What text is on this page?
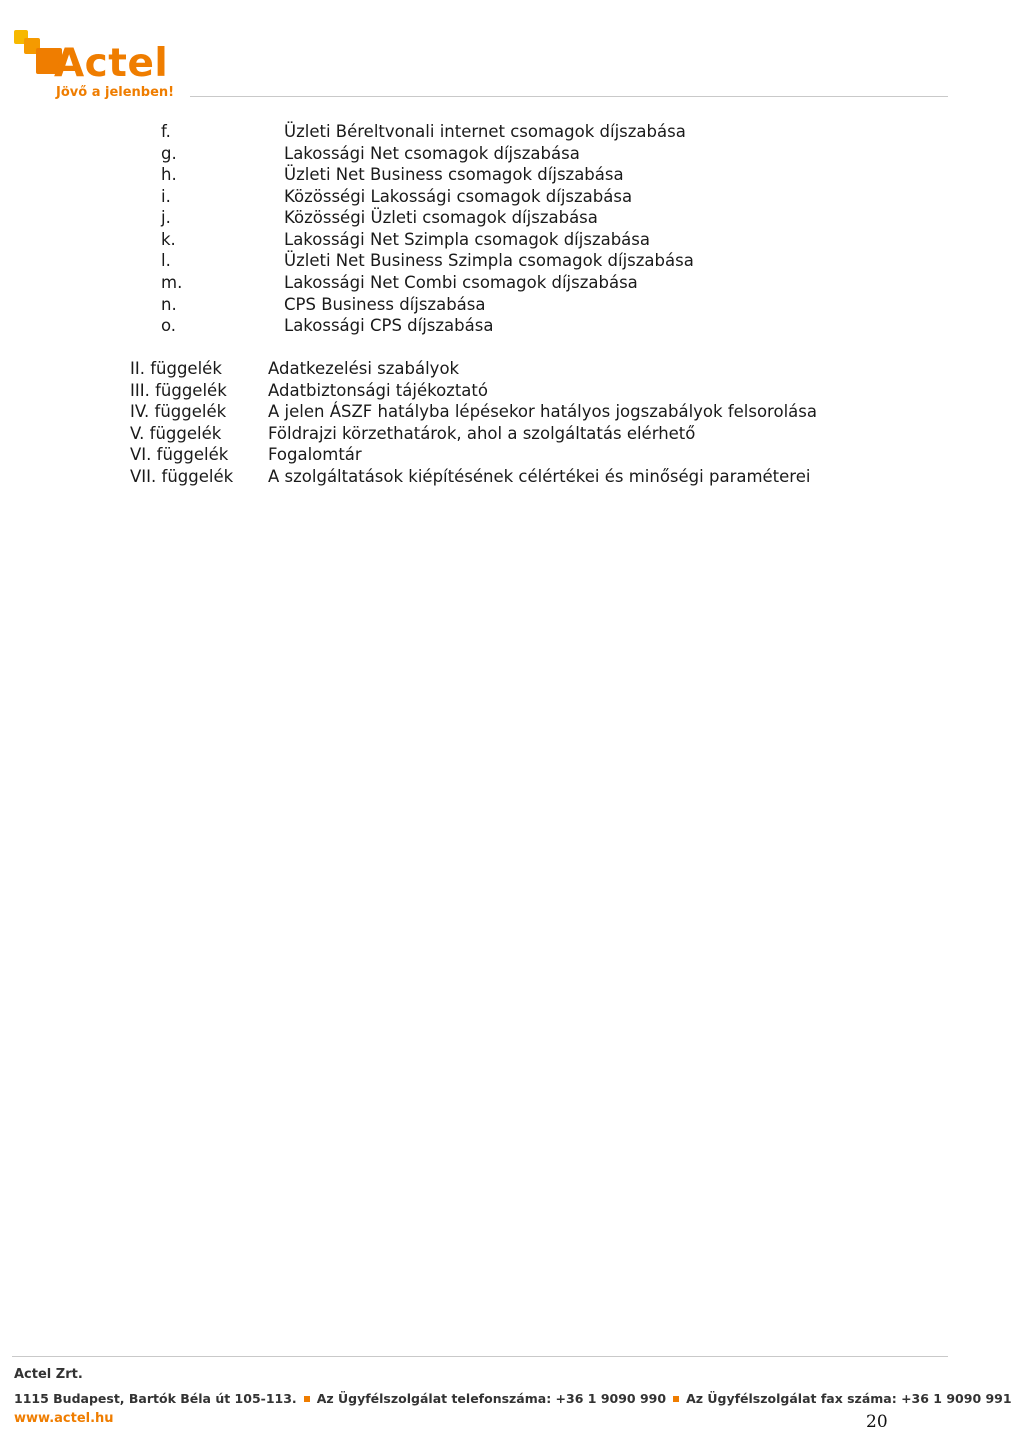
Actel
Jövő a jelenben!
f.	Üzleti Béreltvonali internet csomagok díjszabása
g.	Lakossági Net csomagok díjszabása
h.	Üzleti Net Business csomagok díjszabása
i.	Közösségi Lakossági csomagok díjszabása
j.	Közösségi Üzleti csomagok díjszabása
k.	Lakossági Net Szimpla csomagok díjszabása
l.	Üzleti Net Business Szimpla csomagok díjszabása
m.	Lakossági Net Combi csomagok díjszabása
n.	CPS Business díjszabása
o.	Lakossági CPS díjszabása
II. függelék	Adatkezelési szabályok
III. függelék	Adatbiztonsági tájékoztató
IV. függelék	A jelen ÁSZF hatályba lépésekor hatályos jogszabályok felsorolása
V. függelék	Földrajzi körzethatárok, ahol a szolgáltatás elérhető
VI. függelék Fogalomtár
VII. függelék A szolgáltatások kiépítésének célértékei és minőségi paraméterei
Actel Zrt.
1115 Budapest, Bartók Béla út 105-113. Az Ügyfélszolgálat telefonszáma: +36 1 9090 990 Az Ügyfélszolgálat fax száma: +36 1 9090 991
www.actel.hu	20
